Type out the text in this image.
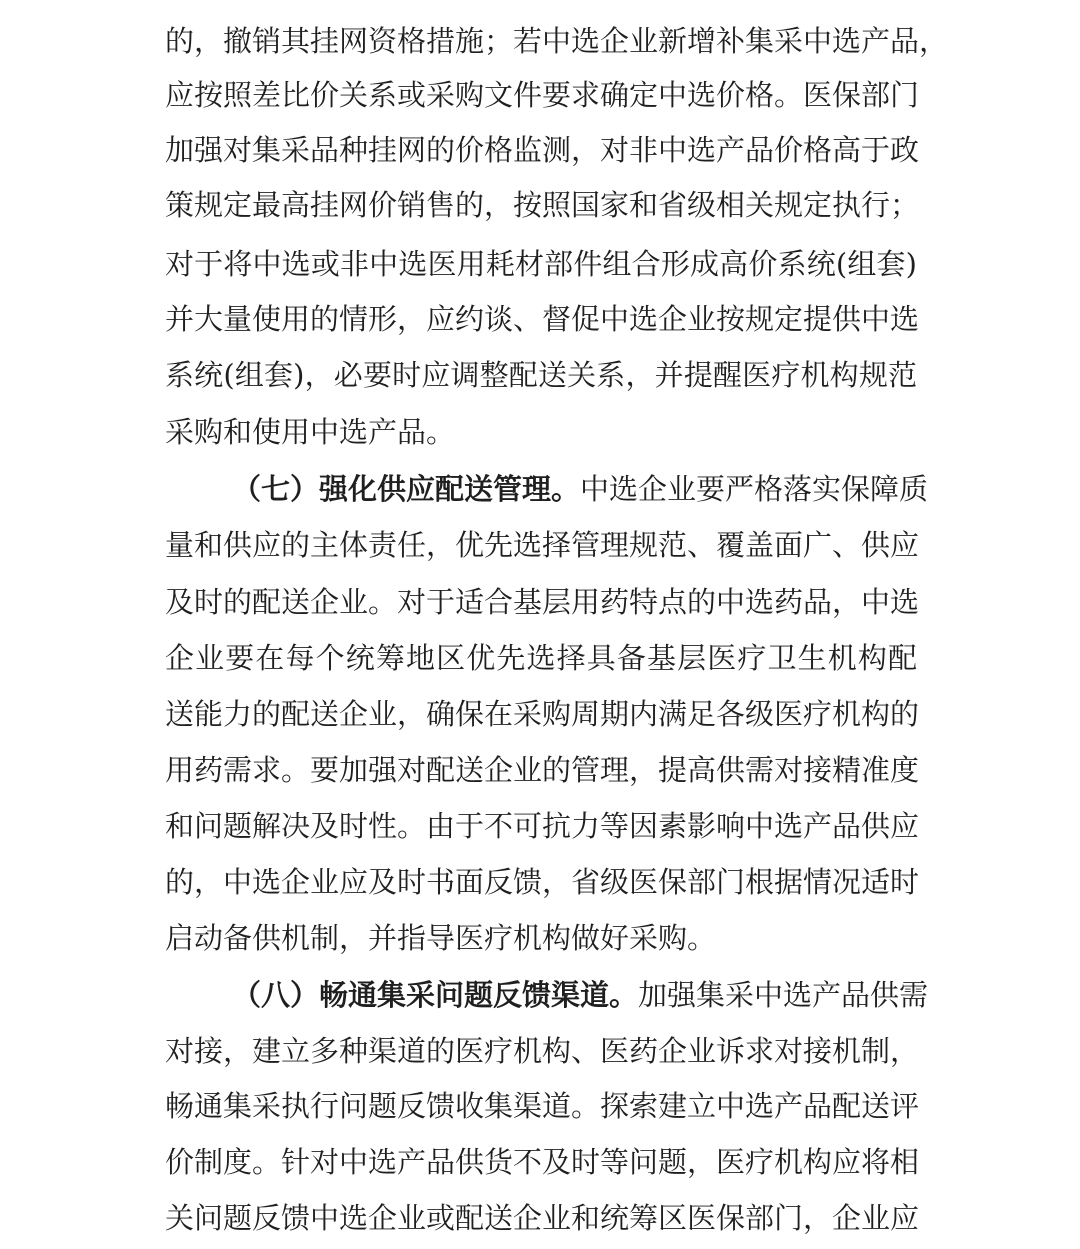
的，撤销其挂网资格措施；若中选企业新增补集采中选产品，
应按照差比价关系或采购文件要求确定中选价格。医保部门
加强对集采品种挂网的价格监测，对非中选产品价格高于政
策规定最高挂网价销售的，按照国家和省级相关规定执行；
对于将中选或非中选医用耗材部件组合形成高价系统(组套)
并大量使用的情形，应约谈、督促中选企业按规定提供中选
系统(组套)，必要时应调整配送关系，并提醒医疗机构规范
采购和使用中选产品。
（七）强化供应配送管理。中选企业要严格落实保障质
量和供应的主体责任，优先选择管理规范、覆盖面广、供应
及时的配送企业。对于适合基层用药特点的中选药品，中选
企业要在每个统筹地区优先选择具备基层医疗卫生机构配
送能力的配送企业，确保在采购周期内满足各级医疗机构的
用药需求。要加强对配送企业的管理，提高供需对接精准度
和问题解决及时性。由于不可抗力等因素影响中选产品供应
的，中选企业应及时书面反馈，省级医保部门根据情况适时
启动备供机制，并指导医疗机构做好采购。
（八）畅通集采问题反馈渠道。加强集采中选产品供需
对接，建立多种渠道的医疗机构、医药企业诉求对接机制，
畅通集采执行问题反馈收集渠道。探索建立中选产品配送评
价制度。针对中选产品供货不及时等问题，医疗机构应将相
关问题反馈中选企业或配送企业和统筹区医保部门，企业应
